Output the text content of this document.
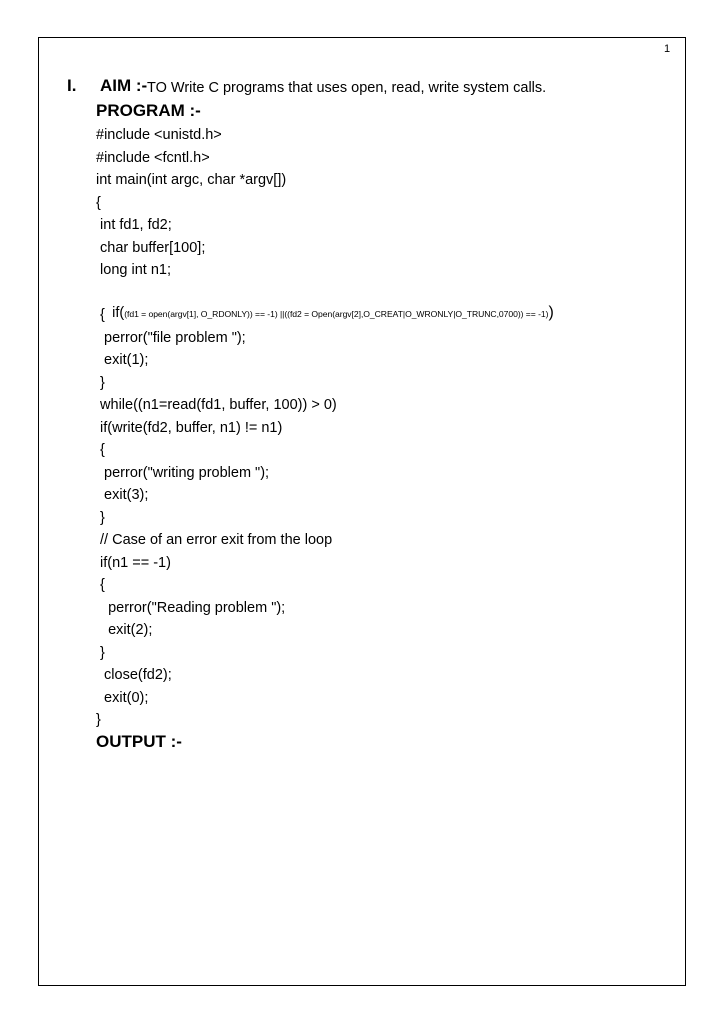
1
I. AIM :- TO Write C programs that uses open, read, write system calls.
PROGRAM :-
#include <unistd.h>
#include <fcntl.h>
int main(int argc, char *argv[])
{
int fd1, fd2;
char buffer[100];
long int n1;

if((fd1 = open(argv[1], O_RDONLY)) == -1) ||((fd2 = Open(argv[2],O_CREAT|O_WRONLY|O_TRUNC,0700)) == -1))

{
perror("file problem ");
exit(1);
}
while((n1=read(fd1, buffer, 100)) > 0)
if(write(fd2, buffer, n1) != n1)
{
perror("writing problem ");
exit(3);
}
// Case of an error exit from the loop
if(n1 == -1)
{
perror("Reading problem ");
exit(2);
}
close(fd2);
exit(0);
}
OUTPUT :-
